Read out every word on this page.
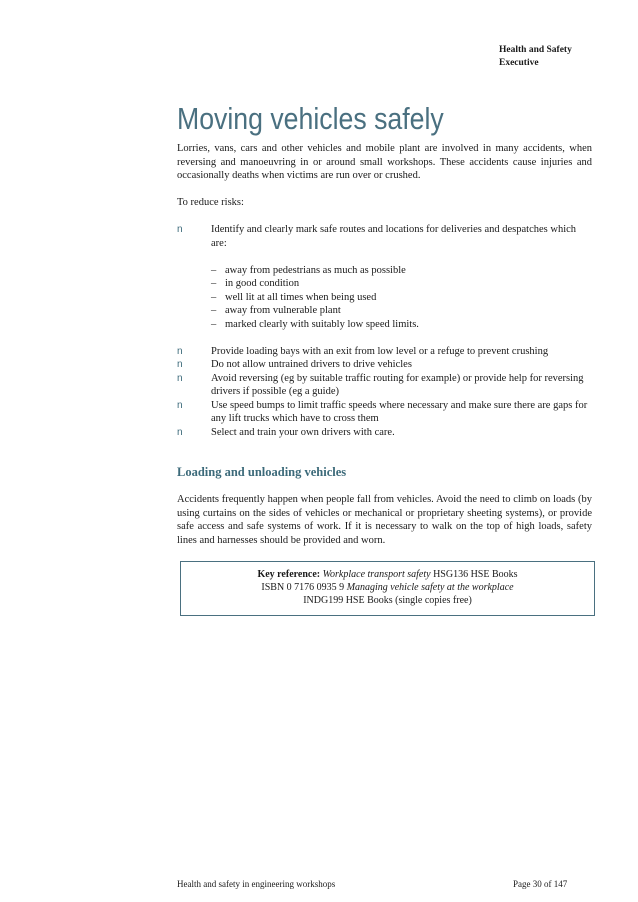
Health and Safety
Executive
Moving vehicles safely

Lorries, vans, cars and other vehicles and mobile plant are involved in many accidents, when reversing and manoeuvring in or around small workshops. These accidents cause injuries and occasionally deaths when victims are run over or crushed.

To reduce risks:

n	Identify and clearly mark safe routes and locations for deliveries and despatches which are:
– away from pedestrians as much as possible
– in good condition
– well lit at all times when being used
– away from vulnerable plant
– marked clearly with suitably low speed limits.
n	Provide loading bays with an exit from low level or a refuge to prevent crushing
n	Do not allow untrained drivers to drive vehicles
n	Avoid reversing (eg by suitable traffic routing for example) or provide help for reversing drivers if possible (eg a guide)
n	Use speed bumps to limit traffic speeds where necessary and make sure there are gaps for any lift trucks which have to cross them
n	Select and train your own drivers with care.
Loading and unloading vehicles

Accidents frequently happen when people fall from vehicles. Avoid the need to climb on loads (by using curtains on the sides of vehicles or mechanical or proprietary sheeting systems), or provide safe access and safe systems of work. If it is necessary to walk on the top of high loads, safety lines and harnesses should be provided and worn.

Key reference: Workplace transport safety HSG136 HSE Books
ISBN 0 7176 0935 9 Managing vehicle safety at the workplace
INDG199 HSE Books (single copies free)
Health and safety in engineering workshops	Page 30 of 147
